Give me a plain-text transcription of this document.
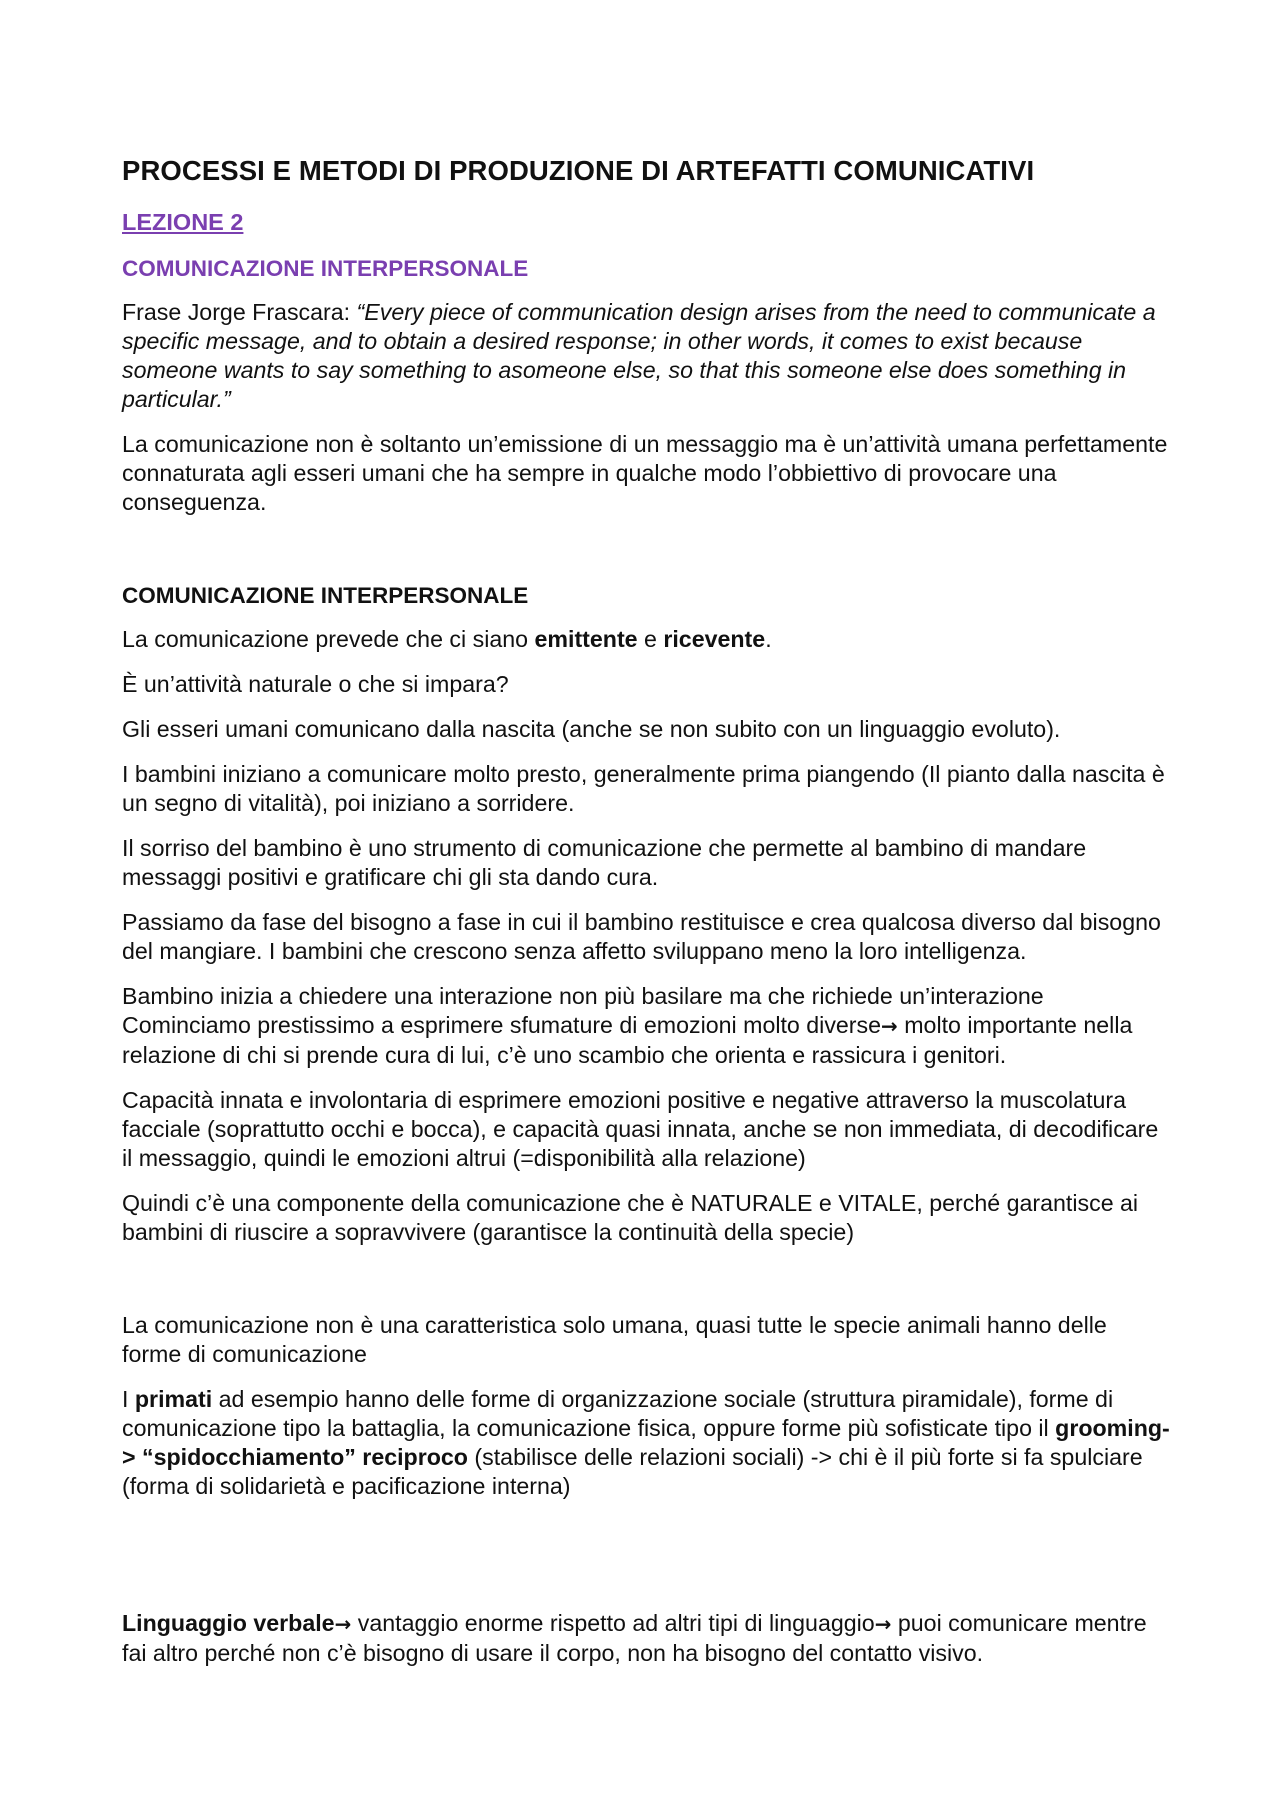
PROCESSI E METODI DI PRODUZIONE DI ARTEFATTI COMUNICATIVI
LEZIONE 2
COMUNICAZIONE INTERPERSONALE

Frase Jorge Frascara: “Every piece of communication design arises from the need to communicate a specific message, and to obtain a desired response; in other words, it comes to exist because someone wants to say something to asomeone else, so that this someone else does something in particular.”

La comunicazione non è soltanto un’emissione di un messaggio ma è un’attività umana perfettamente connaturata agli esseri umani che ha sempre in qualche modo l’obbiettivo di provocare una conseguenza.

COMUNICAZIONE INTERPERSONALE

La comunicazione prevede che ci siano emittente e ricevente.

È un’attività naturale o che si impara?

Gli esseri umani comunicano dalla nascita (anche se non subito con un linguaggio evoluto).

I bambini iniziano a comunicare molto presto, generalmente prima piangendo (Il pianto dalla nascita è un segno di vitalità), poi iniziano a sorridere.

Il sorriso del bambino è uno strumento di comunicazione che permette al bambino di mandare messaggi positivi e gratificare chi gli sta dando cura.

Passiamo da fase del bisogno a fase in cui il bambino restituisce e crea qualcosa diverso dal bisogno del mangiare. I bambini che crescono senza affetto sviluppano meno la loro intelligenza.

Bambino inizia a chiedere una interazione non più basilare ma che richiede un’interazione Cominciamo prestissimo a esprimere sfumature di emozioni molto diverse→ molto importante nella relazione di chi si prende cura di lui, c’è uno scambio che orienta e rassicura i genitori.

Capacità innata e involontaria di esprimere emozioni positive e negative attraverso la muscolatura facciale (soprattutto occhi e bocca), e capacità quasi innata, anche se non immediata, di decodificare il messaggio, quindi le emozioni altrui (=disponibilità alla relazione)

Quindi c’è una componente della comunicazione che è NATURALE e VITALE, perché garantisce ai bambini di riuscire a sopravvivere (garantisce la continuità della specie)

La comunicazione non è una caratteristica solo umana, quasi tutte le specie animali hanno delle forme di comunicazione

I primati ad esempio hanno delle forme di organizzazione sociale (struttura piramidale), forme di comunicazione tipo la battaglia, la comunicazione fisica, oppure forme più sofisticate tipo il grooming-> “spidocchiamento” reciproco (stabilisce delle relazioni sociali) -> chi è il più forte si fa spulciare (forma di solidarietà e pacificazione interna)

Linguaggio verbale→ vantaggio enorme rispetto ad altri tipi di linguaggio→ puoi comunicare mentre fai altro perché non c’è bisogno di usare il corpo, non ha bisogno del contatto visivo.
